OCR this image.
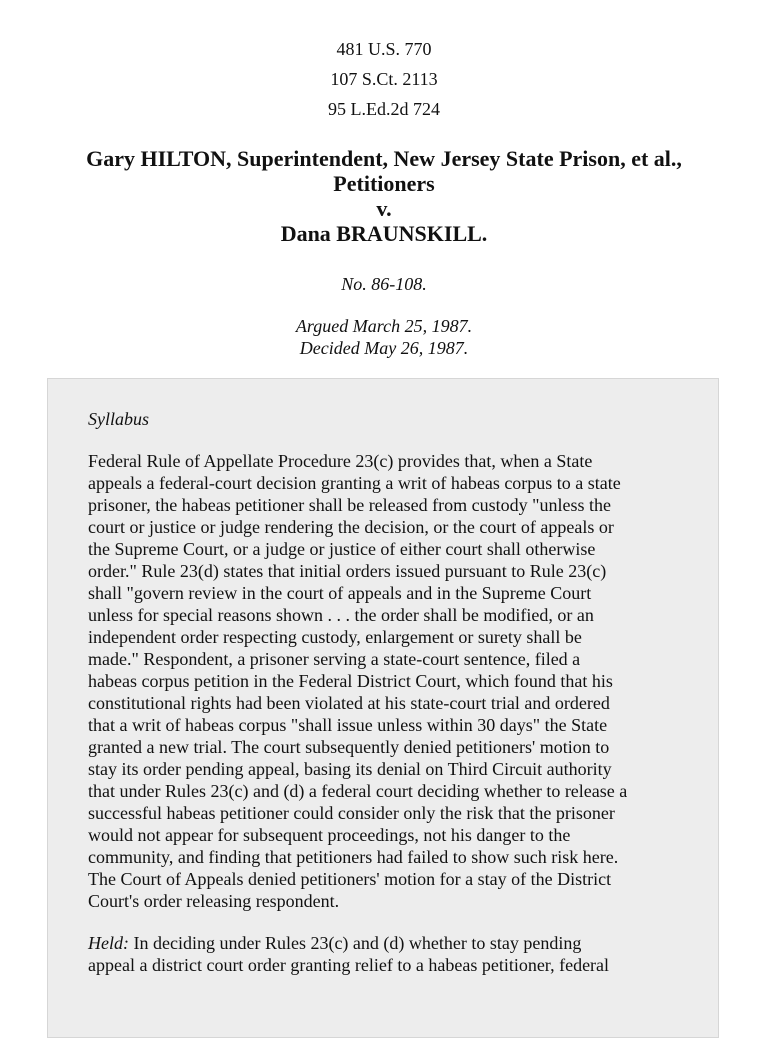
481 U.S. 770
107 S.Ct. 2113
95 L.Ed.2d 724
Gary HILTON, Superintendent, New Jersey State Prison, et al.,
Petitioners
v.
Dana BRAUNSKILL.
No. 86-108.
Argued March 25, 1987.
Decided May 26, 1987.
Syllabus
Federal Rule of Appellate Procedure 23(c) provides that, when a State
appeals a federal-court decision granting a writ of habeas corpus to a state
prisoner, the habeas petitioner shall be released from custody "unless the
court or justice or judge rendering the decision, or the court of appeals or
the Supreme Court, or a judge or justice of either court shall otherwise
order." Rule 23(d) states that initial orders issued pursuant to Rule 23(c)
shall "govern review in the court of appeals and in the Supreme Court
unless for special reasons shown . . . the order shall be modified, or an
independent order respecting custody, enlargement or surety shall be
made." Respondent, a prisoner serving a state-court sentence, filed a
habeas corpus petition in the Federal District Court, which found that his
constitutional rights had been violated at his state-court trial and ordered
that a writ of habeas corpus "shall issue unless within 30 days" the State
granted a new trial. The court subsequently denied petitioners' motion to
stay its order pending appeal, basing its denial on Third Circuit authority
that under Rules 23(c) and (d) a federal court deciding whether to release a
successful habeas petitioner could consider only the risk that the prisoner
would not appear for subsequent proceedings, not his danger to the
community, and finding that petitioners had failed to show such risk here.
The Court of Appeals denied petitioners' motion for a stay of the District
Court's order releasing respondent.
Held: In deciding under Rules 23(c) and (d) whether to stay pending
appeal a district court order granting relief to a habeas petitioner, federal
